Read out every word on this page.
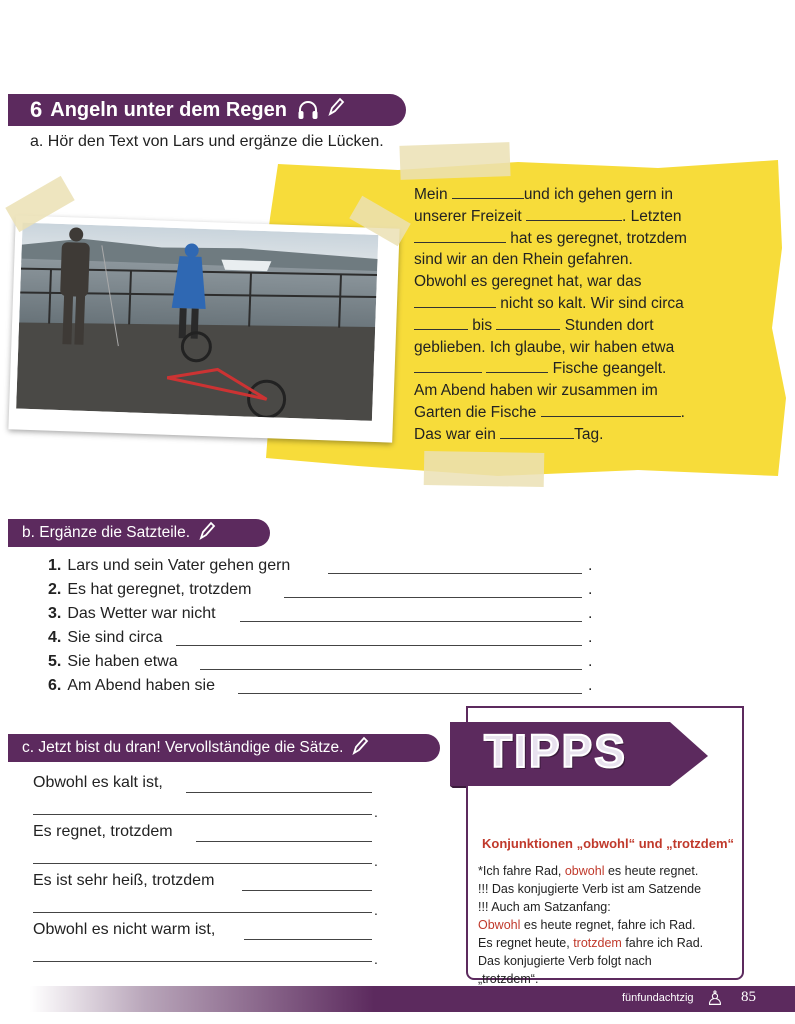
6 Angeln unter dem Regen
a. Hör den Text von Lars und ergänze die Lücken.
Mein	und ich gehen gern in
unserer Freizeit	. Letzten
hat es geregnet, trotzdem
sind wir an den Rhein gefahren.
Obwohl es geregnet hat, war das
nicht so kalt. Wir sind circa
bis	Stunden dort
geblieben. Ich glaube, wir haben etwa
Fische geangelt.
Am Abend haben wir zusammen im
Garten die Fische	.
Das war ein	Tag.
b. Ergänze die Satzteile.
1. Lars und sein Vater gehen gern	.
2. Es hat geregnet, trotzdem	.
3. Das Wetter war nicht	.
4. Sie sind circa	.
5. Sie haben etwa	.
6. Am Abend haben sie	.
c. Jetzt bist du dran! Vervollständige die Sätze.
Obwohl es kalt ist,
.
Es regnet, trotzdem
.
Es ist sehr heiß, trotzdem
.
Obwohl es nicht warm ist,
.
TIPPS
Konjunktionen „obwohl“ und „trotzdem“
*Ich fahre Rad, obwohl es heute regnet.
!!! Das konjugierte Verb ist am Satzende
!!! Auch am Satzanfang:
Obwohl es heute regnet, fahre ich Rad.
Es regnet heute, trotzdem fahre ich Rad.
Das konjugierte Verb folgt nach
„trotzdem“.
fünfundachtzig ♙ 85
